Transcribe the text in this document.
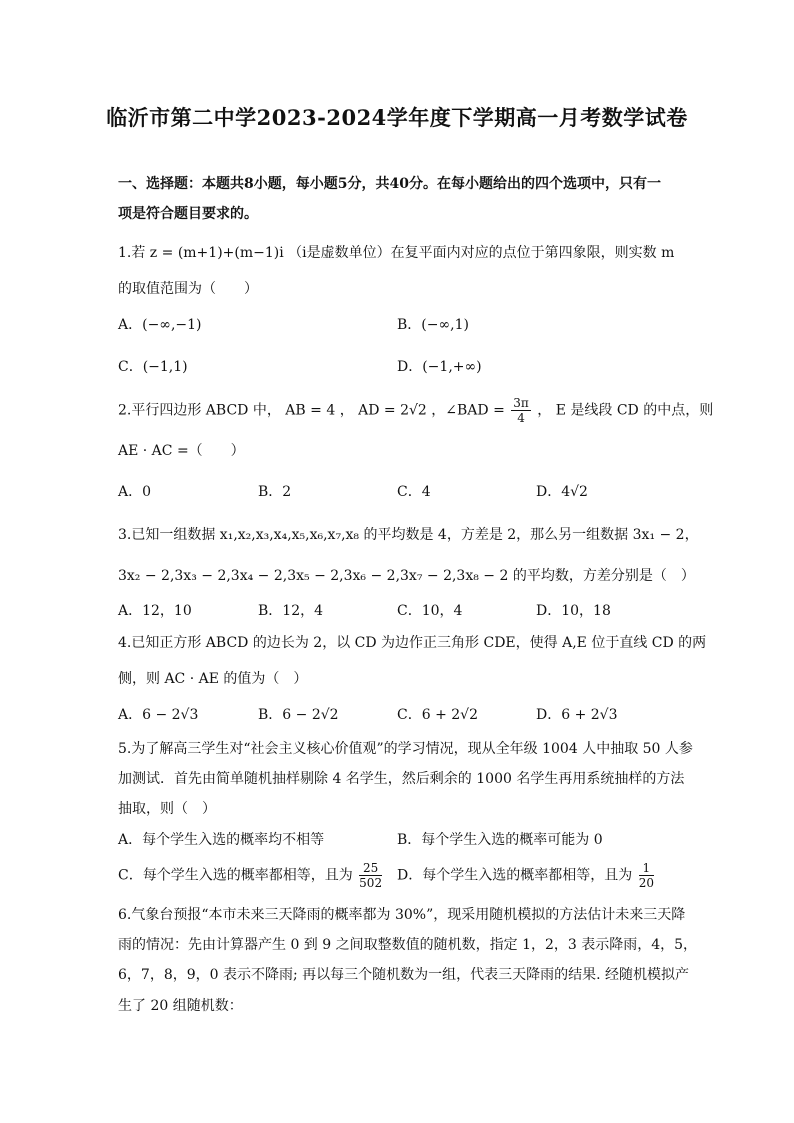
临沂市第二中学2023-2024学年度下学期高一月考数学试卷
一、选择题：本题共8小题，每小题5分，共40分。在每小题给出的四个选项中，只有一
项是符合题目要求的。
1.若 z = (m+1)+(m−1)i （i是虚数单位）在复平面内对应的点位于第四象限，则实数 m
的取值范围为（　　）
A．(−∞,−1)	B．(−∞,1)
C．(−1,1)	D．(−1,+∞)
2.平行四边形 ABCD 中， AB = 4 ， AD = 2√2 ，∠BAD = $\frac{3\pi}{4}$ ， E 是线段 CD 的中点，则
AE · AC =（　　）
A．0	B．2	C．4	D．4√2
3.已知一组数据 x₁,x₂,x₃,x₄,x₅,x₆,x₇,x₈ 的平均数是 4，方差是 2，那么另一组数据 3x₁ − 2，
3x₂ − 2,3x₃ − 2,3x₄ − 2,3x₅ − 2,3x₆ − 2,3x₇ − 2,3x₈ − 2 的平均数，方差分别是（　）
A．12，10	B．12，4	C．10，4	D．10，18
4.已知正方形 ABCD 的边长为 2，以 CD 为边作正三角形 CDE，使得 A,E 位于直线 CD 的两
侧，则 AC · AE 的值为（　）
A．6 − 2√3	B．6 − 2√2	C．6 + 2√2	D．6 + 2√3
5.为了解高三学生对“社会主义核心价值观”的学习情况，现从全年级 1004 人中抽取 50 人参
加测试．首先由简单随机抽样剔除 4 名学生，然后剩余的 1000 名学生再用系统抽样的方法
抽取，则（　）
A．每个学生入选的概率均不相等	B．每个学生入选的概率可能为 0
C．每个学生入选的概率都相等，且为 $\frac{25}{502}$ D．每个学生入选的概率都相等，且为 $\frac{1}{20}$
6.气象台预报“本市未来三天降雨的概率都为 30%”，现采用随机模拟的方法估计未来三天降
雨的情况：先由计算器产生 0 到 9 之间取整数值的随机数，指定 1，2，3 表示降雨，4，5，
6，7，8，9，0 表示不降雨; 再以每三个随机数为一组，代表三天降雨的结果. 经随机模拟产
生了 20 组随机数：
